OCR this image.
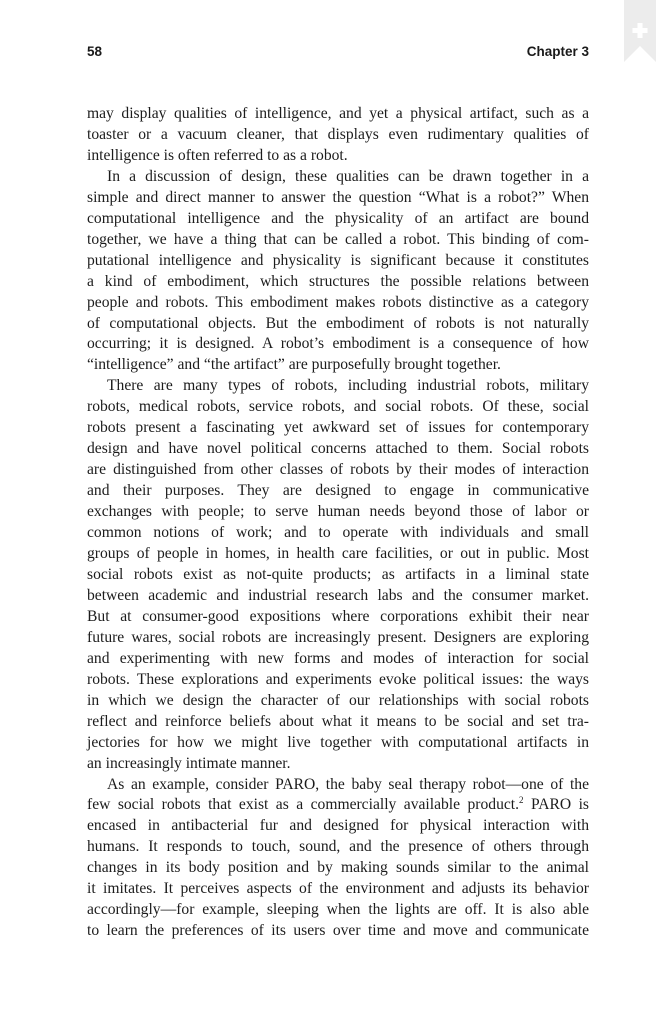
58	Chapter 3

may display qualities of intelligence, and yet a physical artifact, such as a
toaster or a vacuum cleaner, that displays even rudimentary qualities of
intelligence is often referred to as a robot.

In a discussion of design, these qualities can be drawn together in a
simple and direct manner to answer the question “What is a robot?” When
computational intelligence and the physicality of an artifact are bound
together, we have a thing that can be called a robot. This binding of com-
putational intelligence and physicality is significant because it constitutes
a kind of embodiment, which structures the possible relations between
people and robots. This embodiment makes robots distinctive as a category
of computational objects. But the embodiment of robots is not naturally
occurring; it is designed. A robot’s embodiment is a consequence of how
“intelligence” and “the artifact” are purposefully brought together.

There are many types of robots, including industrial robots, military
robots, medical robots, service robots, and social robots. Of these, social
robots present a fascinating yet awkward set of issues for contemporary
design and have novel political concerns attached to them. Social robots
are distinguished from other classes of robots by their modes of interaction
and their purposes. They are designed to engage in communicative
exchanges with people; to serve human needs beyond those of labor or
common notions of work; and to operate with individuals and small
groups of people in homes, in health care facilities, or out in public. Most
social robots exist as not-quite products; as artifacts in a liminal state
between academic and industrial research labs and the consumer market.
But at consumer-good expositions where corporations exhibit their near
future wares, social robots are increasingly present. Designers are exploring
and experimenting with new forms and modes of interaction for social
robots. These explorations and experiments evoke political issues: the ways
in which we design the character of our relationships with social robots
reflect and reinforce beliefs about what it means to be social and set tra-
jectories for how we might live together with computational artifacts in
an increasingly intimate manner.

As an example, consider PARO, the baby seal therapy robot—one of the
few social robots that exist as a commercially available product.$^2$ PARO is
encased in antibacterial fur and designed for physical interaction with
humans. It responds to touch, sound, and the presence of others through
changes in its body position and by making sounds similar to the animal
it imitates. It perceives aspects of the environment and adjusts its behavior
accordingly—for example, sleeping when the lights are off. It is also able
to learn the preferences of its users over time and move and communicate
